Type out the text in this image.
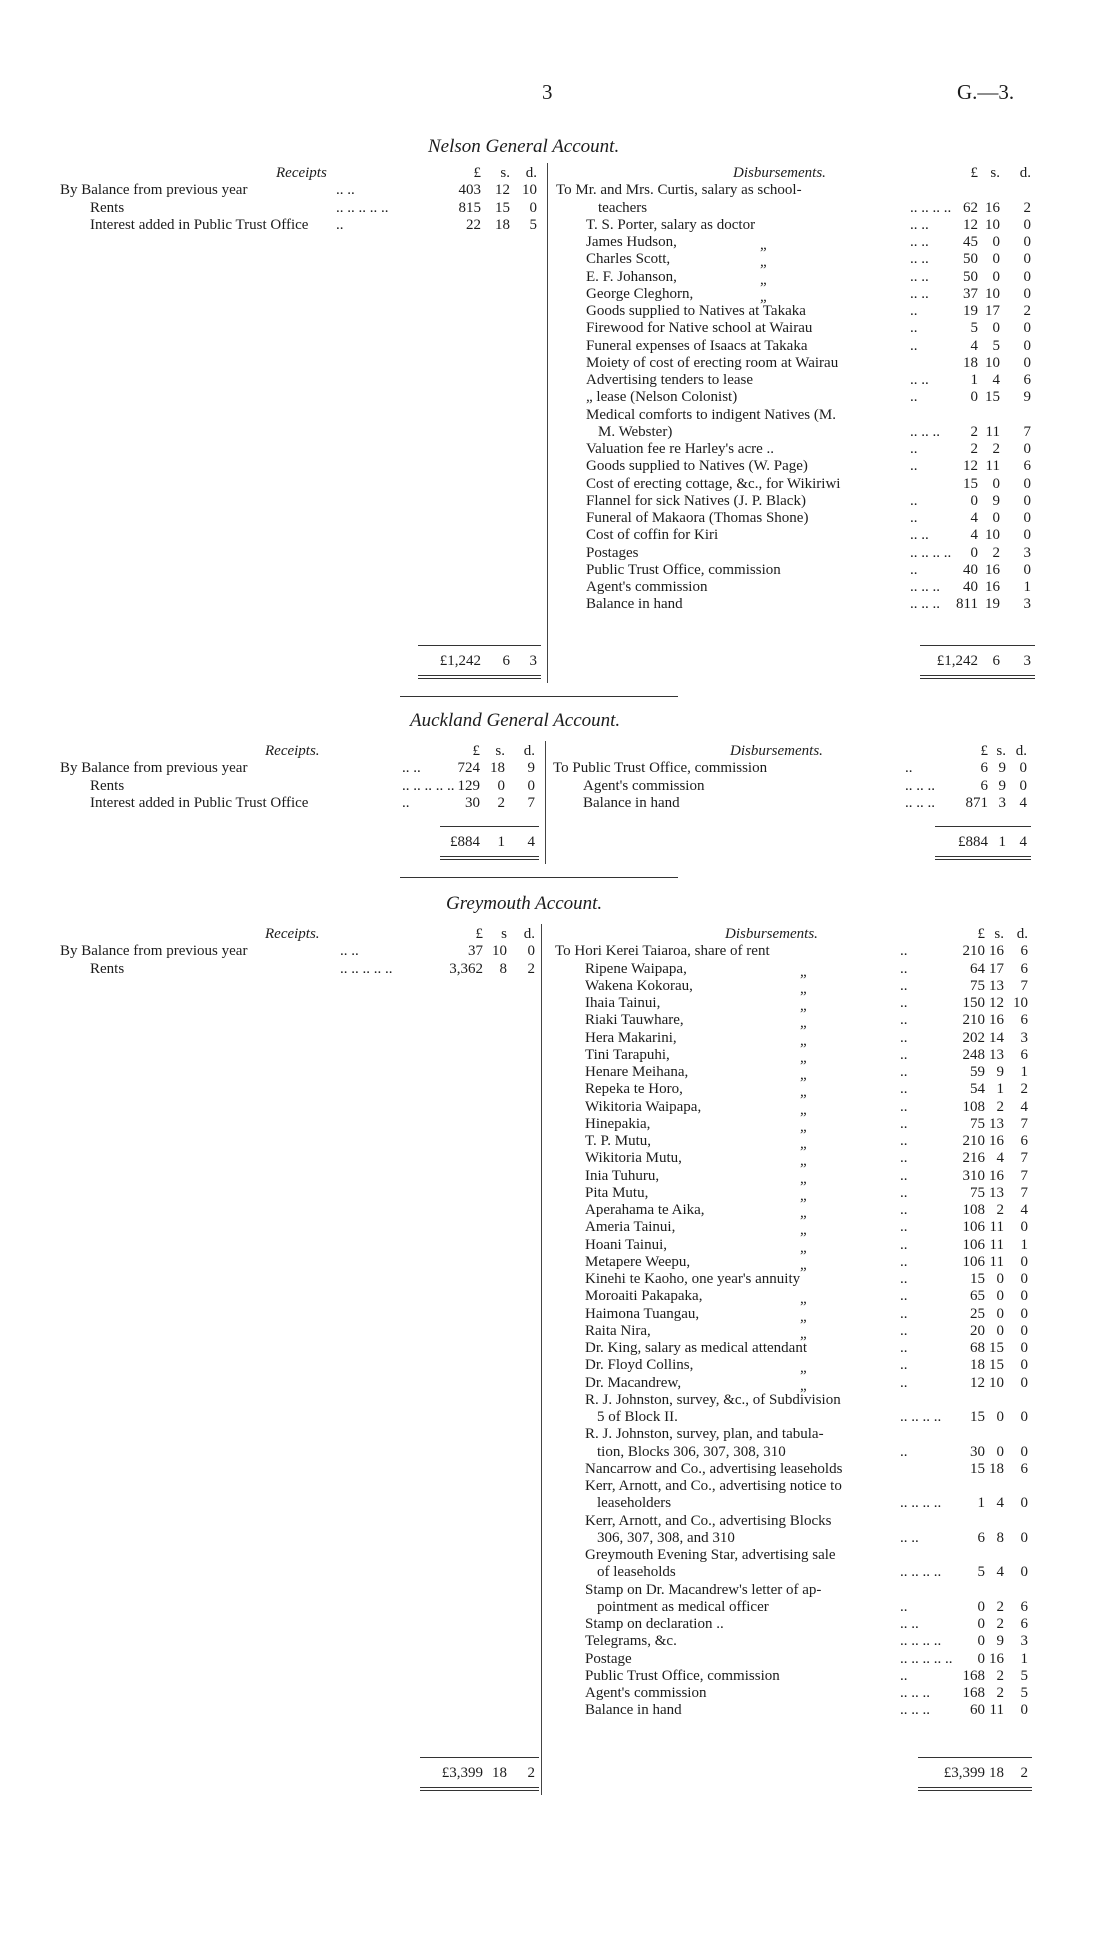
3	G.—3.
Nelson General Account.
Receipts	£ s. d.	£ s. d.
Disbursements.
By Balance from previous year	.. ..	403 12 10
Rents	.. .. .. .. ..	815 15 0
Interest added in Public Trust Office ..	22 18 5
To Mr. and Mrs. Curtis, salary as school-
teachers	.. .. .. .. 62 16 2
T. S. Porter, salary as doctor	.. .. 12 10 0
James Hudson,	„	.. .. 45 0 0
Charles Scott,	„	.. .. 50 0 0
E. F. Johanson,	„	.. .. 50 0 0
George Cleghorn,	„	.. .. 37 10 0
Goods supplied to Natives at Takaka	..	19 17 2
Firewood for Native school at Wairau	..	5 0 0
Funeral expenses of Isaacs at Takaka	..	4 5 0
Moiety of cost of erecting room at Wairau	18 10 0
Advertising tenders to lease	.. ..	1 4 6
„ lease (Nelson Colonist)	..	0 15 9
Medical comforts to indigent Natives (M.
M. Webster)	.. .. .. 2 11 7
Valuation fee re Harley's acre ..	..	2 2 0
Goods supplied to Natives (W. Page)	..	12 11 6
Cost of erecting cottage, &c., for Wikiriwi	15 0 0
Flannel for sick Natives (J. P. Black)	..	0 9 0
Funeral of Makaora (Thomas Shone)	..	4 0 0
Cost of coffin for Kiri	.. ..	4 10 0
Postages	.. .. .. .. 0 2 3
Public Trust Office, commission	..	40 16 0
Agent's commission	.. .. .. 40 16 1
Balance in hand	.. .. .. 811 19 3
£1,242 6 3	£1,242 6 3
Auckland General Account.
Receipts.	£ s. d.	£ s. d.
Disbursements.
By Balance from previous year	.. .. 724 18 9
Rents	.. .. .. .. .. 129 0 0
Interest added in Public Trust Office	..	30 2 7
To Public Trust Office, commission	..	6 9 0
Agent's commission	.. .. ..	6 9 0
Balance in hand	.. .. .. 871 3 4
£884 1 4	£884 1 4
Greymouth Account.
Receipts.	£ s d.	£ s. d.
Disbursements.
By Balance from previous year	.. ..	37 10 0
Rents	.. .. .. .. ..	3,362 8 2
To Hori Kerei Taiaroa, share of rent	..	210 16 6
Ripene Waipapa,	„	..	64 17 6
Wakena Kokorau,	„	..	75 13 7
Ihaia Tainui,	„	..	150 12 10
Riaki Tauwhare,	„	..	210 16 6
Hera Makarini,	„	..	202 14 3
Tini Tarapuhi,	„	..	248 13 6
Henare Meihana,	„	..	59 9 1
Repeka te Horo,	„	..	54 1 2
Wikitoria Waipapa,	„	..	108 2 4
Hinepakia,	„	..	75 13 7
T. P. Mutu,	„	..	210 16 6
Wikitoria Mutu,	„	..	216 4 7
Inia Tuhuru,	„	..	310 16 7
Pita Mutu,	„	..	75 13 7
Aperahama te Aika,	„	..	108 2 4
Ameria Tainui,	„	..	106 11 0
Hoani Tainui,	„	..	106 11 1
Metapere Weepu,	„	..	106 11 0
Kinehi te Kaoho, one year's annuity	..	15 0 0
Moroaiti Pakapaka,	„	..	65 0 0
Haimona Tuangau,	„	..	25 0 0
Raita Nira,	„	..	20 0 0
Dr. King, salary as medical attendant	..	68 15 0
Dr. Floyd Collins,	„	..	18 15 0
Dr. Macandrew,	„	..	12 10 0
R. J. Johnston, survey, &c., of Subdivision
5 of Block II.	.. .. .. .. 15 0 0
R. J. Johnston, survey, plan, and tabula-
tion, Blocks 306, 307, 308, 310	..	30 0 0
Nancarrow and Co., advertising leaseholds	15 18 6
Kerr, Arnott, and Co., advertising notice to
leaseholders	.. .. .. .. 1 4 0
Kerr, Arnott, and Co., advertising Blocks
306, 307, 308, and 310	.. ..	6 8 0
Greymouth Evening Star, advertising sale
of leaseholds	.. .. .. .. 5 4 0
Stamp on Dr. Macandrew's letter of ap-
pointment as medical officer	..	0 2 6
Stamp on declaration ..	.. ..	0 2 6
Telegrams, &c.	.. .. .. .. 0 9 3
Postage	.. .. .. .. .. 0 16 1
Public Trust Office, commission	..	168 2 5
Agent's commission	.. .. .. 168 2 5
Balance in hand	.. .. ..	60 11 0
£3,399 18 2	£3,399 18 2
